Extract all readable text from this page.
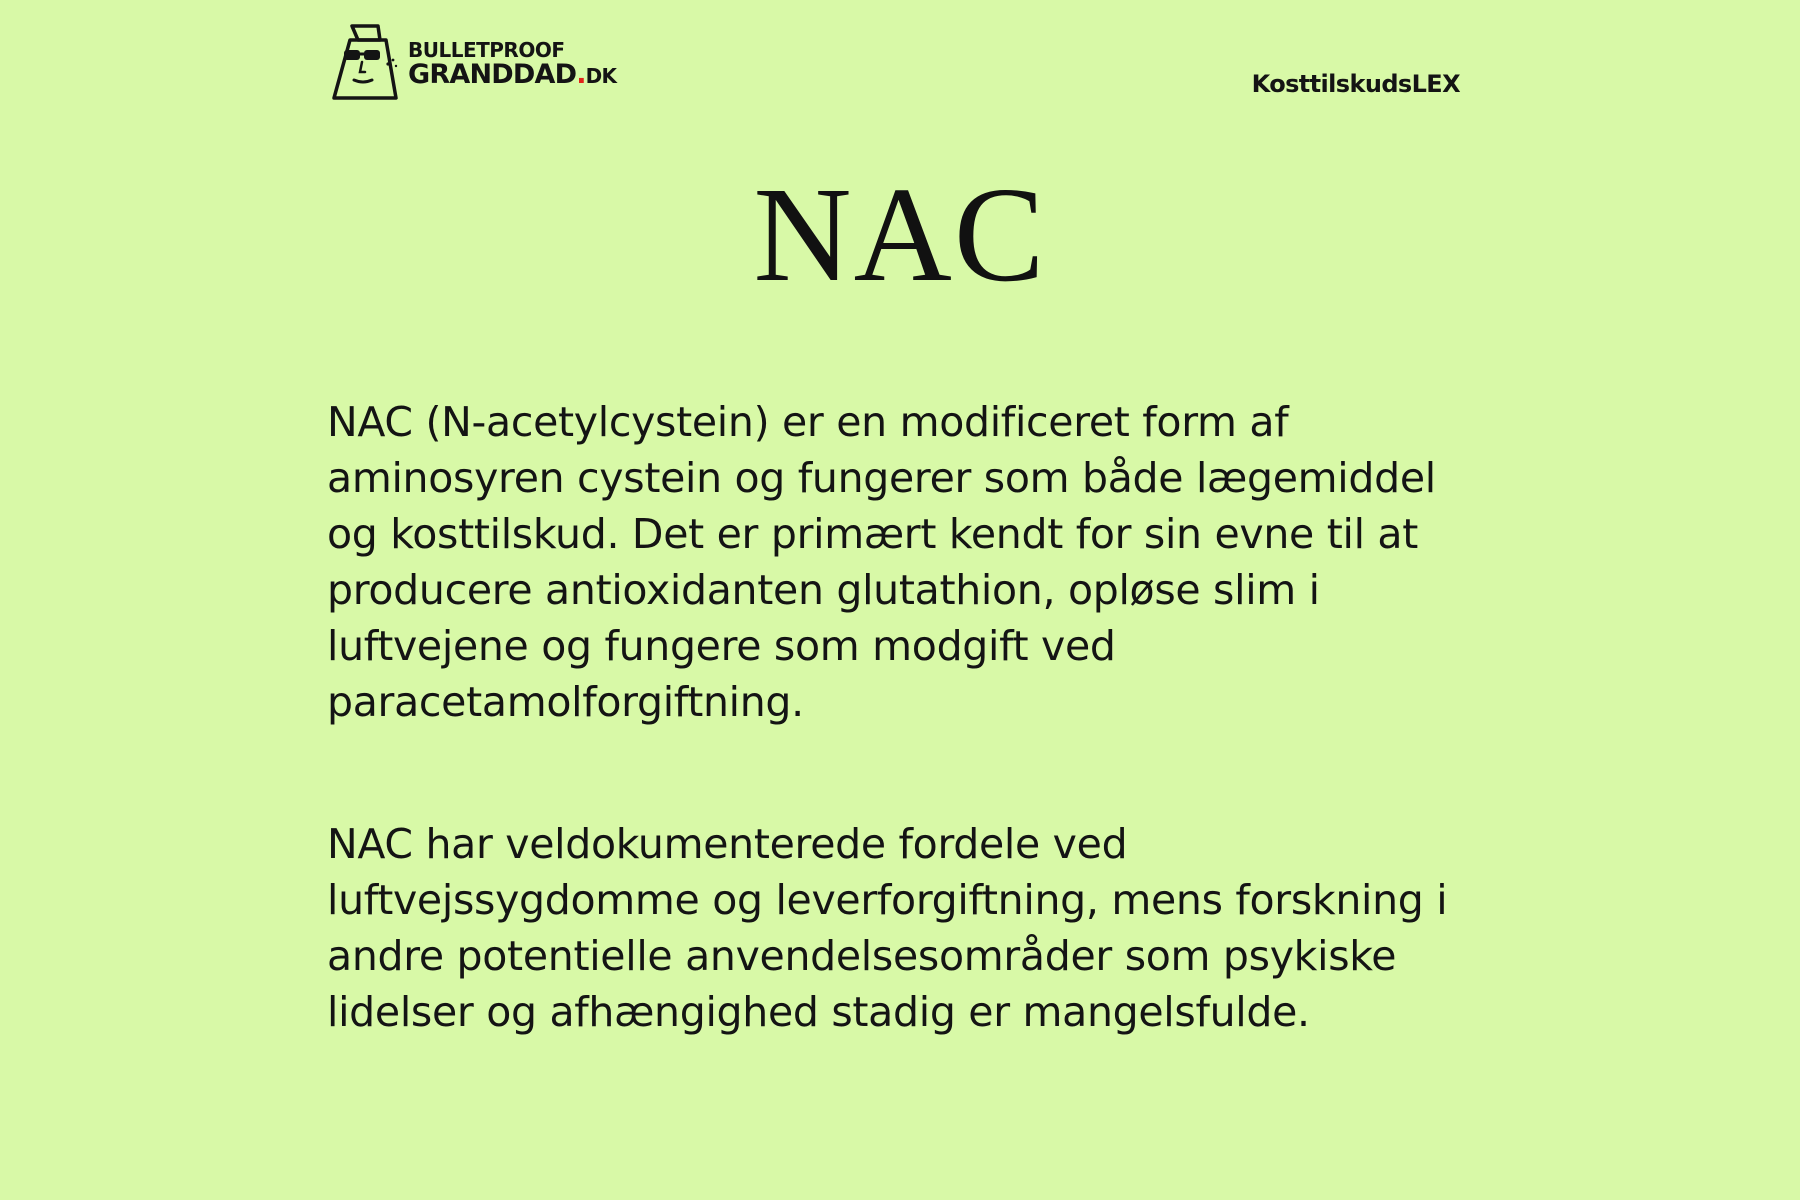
BULLETPROOF
GRANDDAD.DK	KosttilskudsLEX
NAC

NAC (N-acetylcystein) er en modificeret form af aminosyren cystein og fungerer som både lægemiddel og kosttilskud. Det er primært kendt for sin evne til at producere antioxidanten glutathion, opløse slim i luftvejene og fungere som modgift ved paracetamolforgiftning.

NAC har veldokumenterede fordele ved luftvejssygdomme og leverforgiftning, mens forskning i andre potentielle anvendelsesområder som psykiske lidelser og afhængighed stadig er mangelsfulde.
